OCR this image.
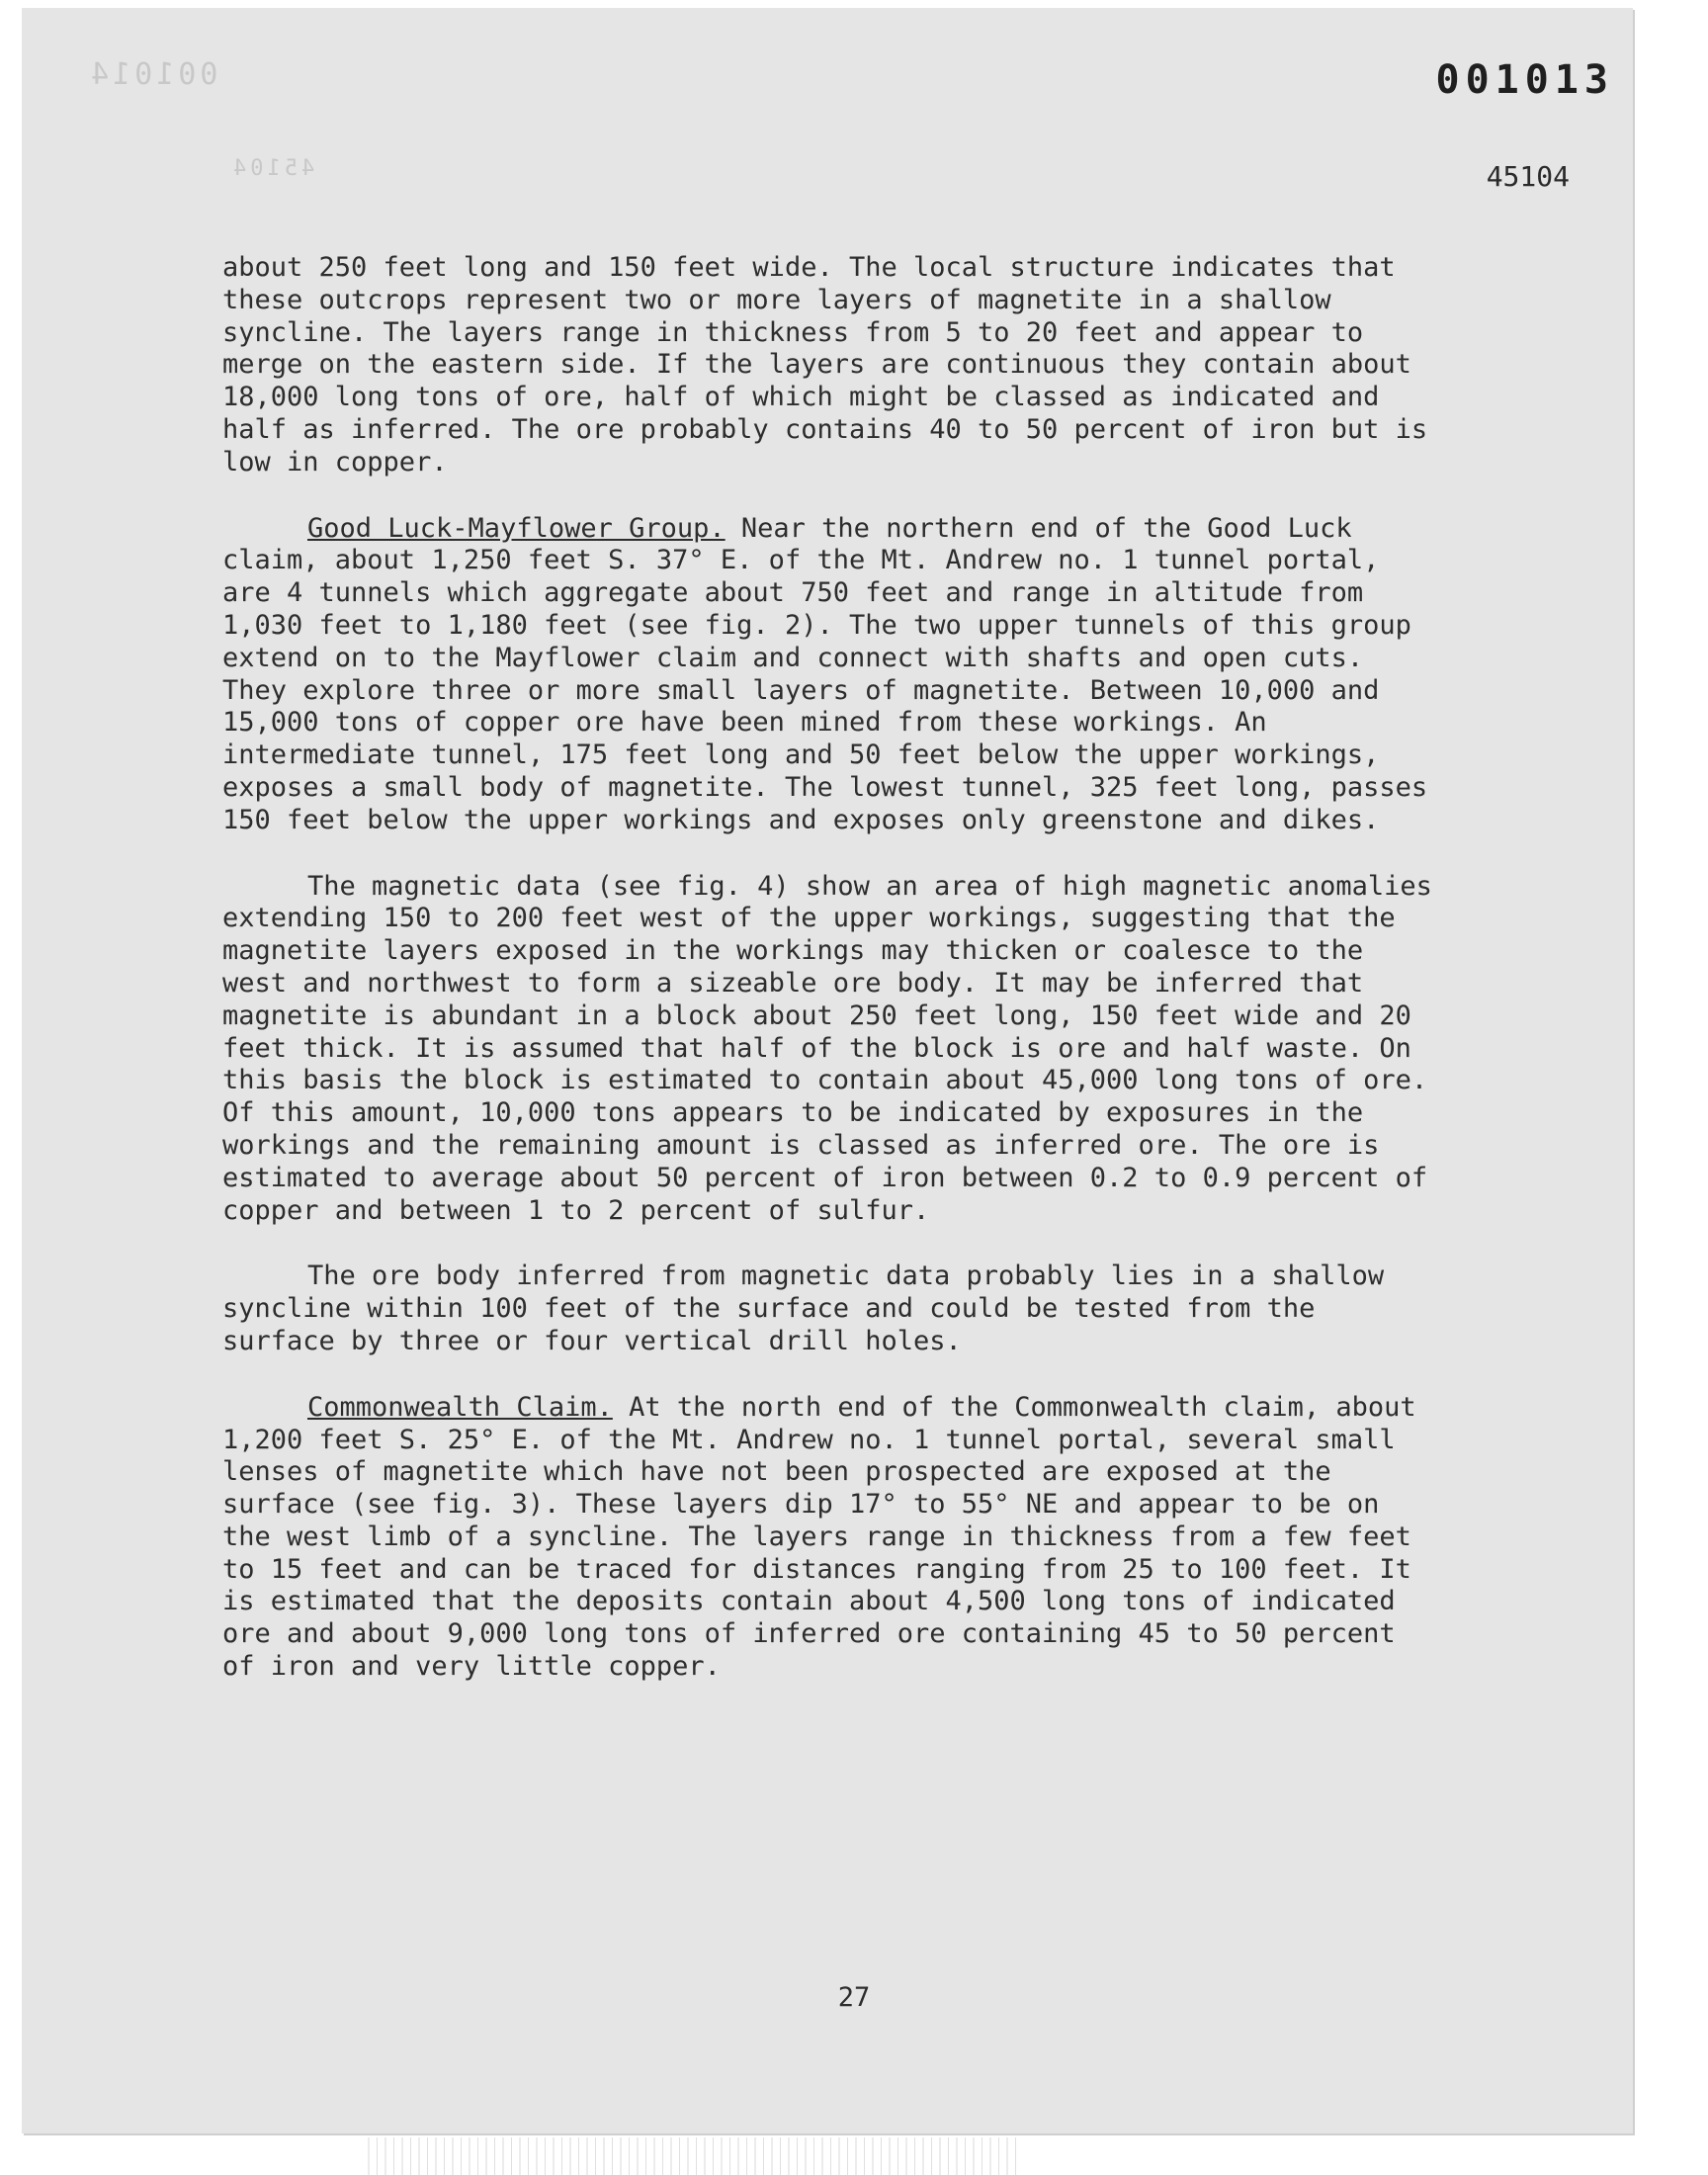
001014
45104
001013
45104

about 250 feet long and 150 feet wide. The local structure indicates that these outcrops represent two or more layers of magnetite in a shallow syncline. The layers range in thickness from 5 to 20 feet and appear to merge on the eastern side. If the layers are continuous they contain about 18,000 long tons of ore, half of which might be classed as indicated and half as inferred. The ore probably contains 40 to 50 percent of iron but is low in copper.

Good Luck-Mayflower Group. Near the northern end of the Good Luck claim, about 1,250 feet S. 37° E. of the Mt. Andrew no. 1 tunnel portal, are 4 tunnels which aggregate about 750 feet and range in altitude from 1,030 feet to 1,180 feet (see fig. 2). The two upper tunnels of this group extend on to the Mayflower claim and connect with shafts and open cuts. They explore three or more small layers of magnetite. Between 10,000 and 15,000 tons of copper ore have been mined from these workings. An intermediate tunnel, 175 feet long and 50 feet below the upper workings, exposes a small body of magnetite. The lowest tunnel, 325 feet long, passes 150 feet below the upper workings and exposes only greenstone and dikes.

The magnetic data (see fig. 4) show an area of high magnetic anomalies extending 150 to 200 feet west of the upper workings, suggesting that the magnetite layers exposed in the workings may thicken or coalesce to the west and northwest to form a sizeable ore body. It may be inferred that magnetite is abundant in a block about 250 feet long, 150 feet wide and 20 feet thick. It is assumed that half of the block is ore and half waste. On this basis the block is estimated to contain about 45,000 long tons of ore. Of this amount, 10,000 tons appears to be indicated by exposures in the workings and the remaining amount is classed as inferred ore. The ore is estimated to average about 50 percent of iron between 0.2 to 0.9 percent of copper and between 1 to 2 percent of sulfur.

The ore body inferred from magnetic data probably lies in a shallow syncline within 100 feet of the surface and could be tested from the surface by three or four vertical drill holes.

Commonwealth Claim. At the north end of the Commonwealth claim, about 1,200 feet S. 25° E. of the Mt. Andrew no. 1 tunnel portal, several small lenses of magnetite which have not been prospected are exposed at the surface (see fig. 3). These layers dip 17° to 55° NE and appear to be on the west limb of a syncline. The layers range in thickness from a few feet to 15 feet and can be traced for distances ranging from 25 to 100 feet. It is estimated that the deposits contain about 4,500 long tons of indicated ore and about 9,000 long tons of inferred ore containing 45 to 50 percent of iron and very little copper.

27
